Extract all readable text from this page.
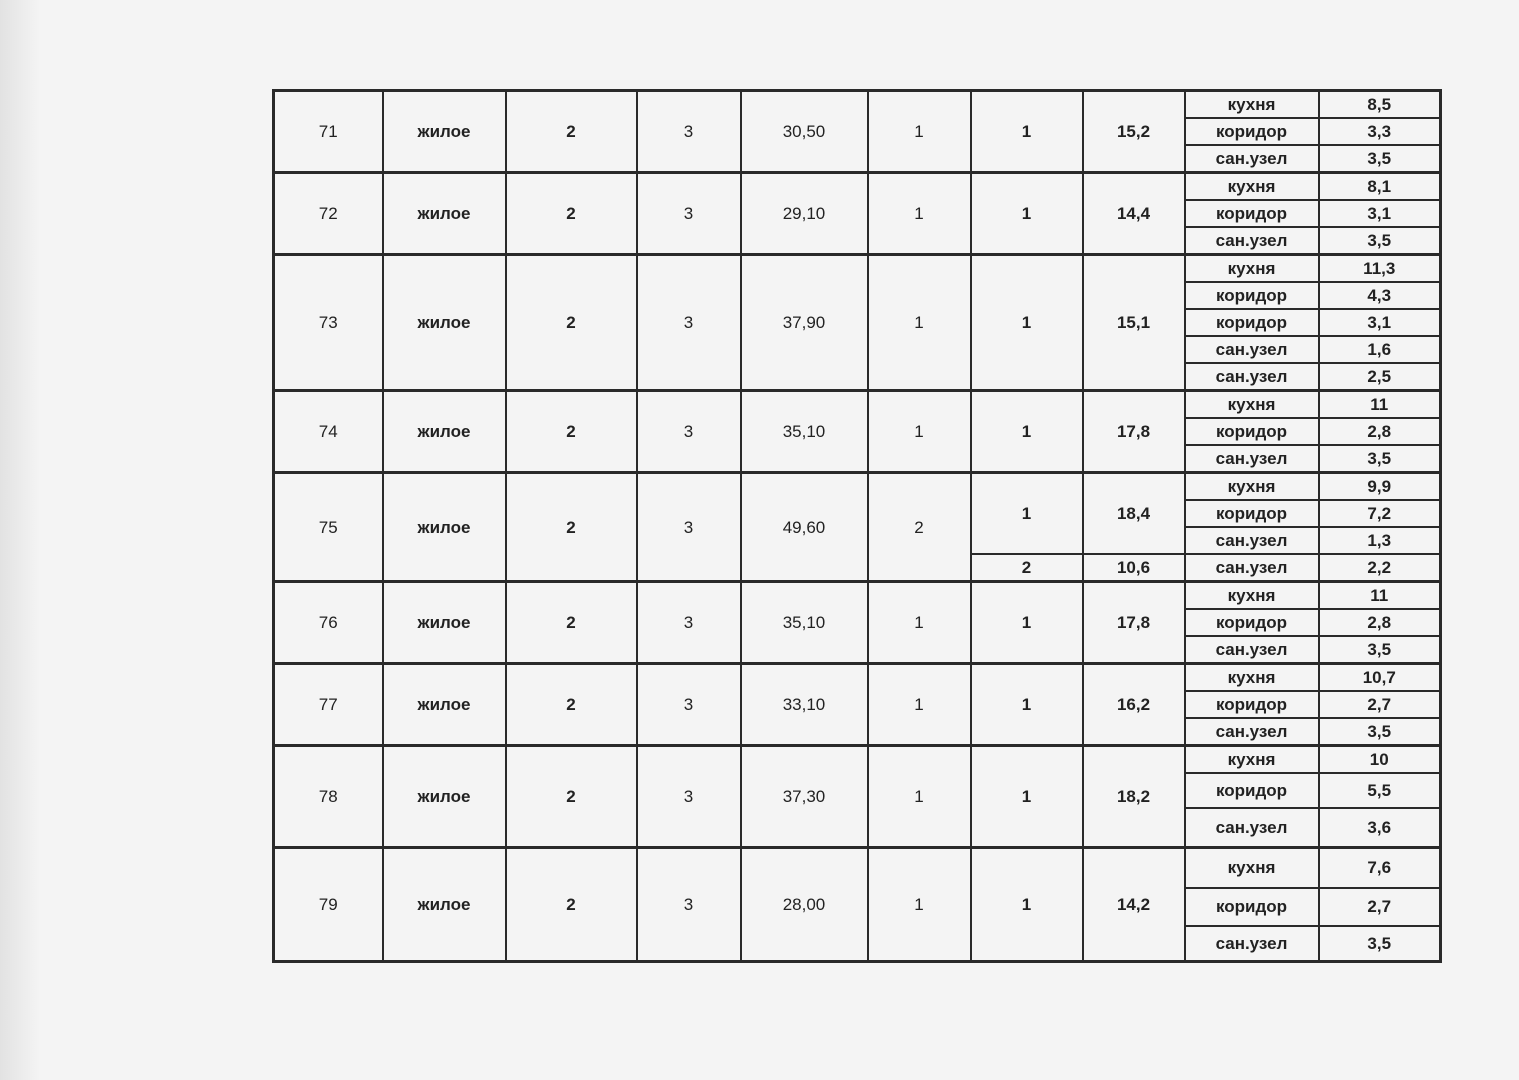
71	жилое	2	3	30,50	1	1	15,2	кухня	8,5
								коридор	3,3
								сан.узел	3,5
72	жилое	2	3	29,10	1	1	14,4	кухня	8,1
								коридор	3,1
								сан.узел	3,5
73	жилое	2	3	37,90	1	1	15,1	кухня	11,3
								коридор	4,3
								коридор	3,1
								сан.узел	1,6
								сан.узел	2,5
74	жилое	2	3	35,10	1	1	17,8	кухня	11
								коридор	2,8
								сан.узел	3,5
75	жилое	2	3	49,60	2	1	18,4	кухня	9,9
								коридор	7,2
								сан.узел	1,3
						2	10,6	сан.узел	2,2
76	жилое	2	3	35,10	1	1	17,8	кухня	11
								коридор	2,8
								сан.узел	3,5
77	жилое	2	3	33,10	1	1	16,2	кухня	10,7
								коридор	2,7
								сан.узел	3,5
78	жилое	2	3	37,30	1	1	18,2	кухня	10
								коридор	5,5
								сан.узел	3,6
79	жилое	2	3	28,00	1	1	14,2	кухня	7,6
								коридор	2,7
								сан.узел	3,5
